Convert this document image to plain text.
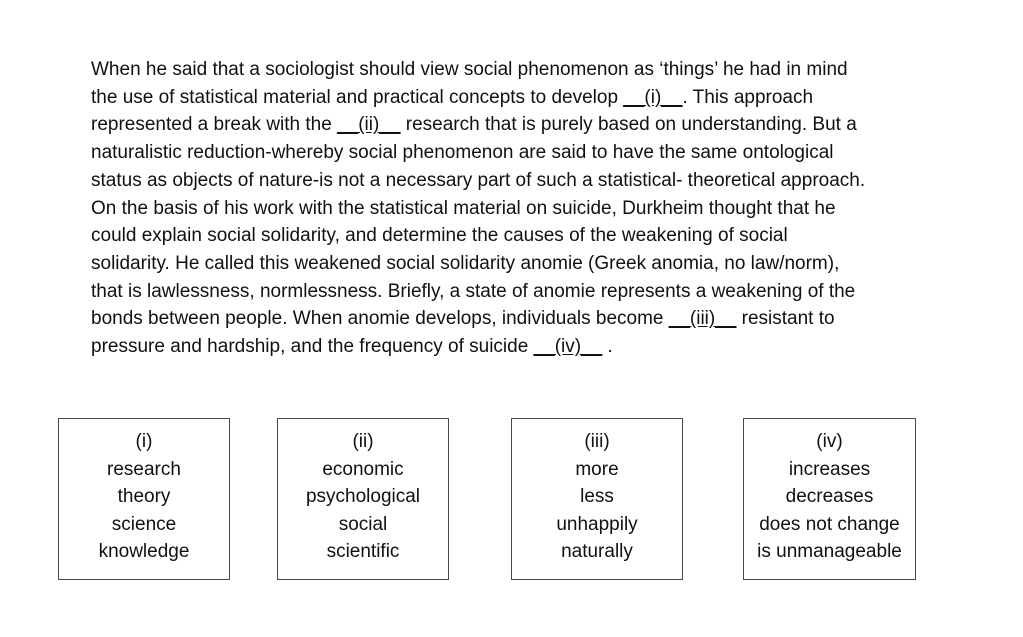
When he said that a sociologist should view social phenomenon as ‘things’ he had in mind
the use of statistical material and practical concepts to develop __(i)__. This approach
represented a break with the __(ii)__ research that is purely based on understanding. But a
naturalistic reduction-whereby social phenomenon are said to have the same ontological
status as objects of nature-is not a necessary part of such a statistical- theoretical approach.
On the basis of his work with the statistical material on suicide, Durkheim thought that he
could explain social solidarity, and determine the causes of the weakening of social
solidarity. He called this weakened social solidarity anomie (Greek anomia, no law/norm),
that is lawlessness, normlessness. Briefly, a state of anomie represents a weakening of the
bonds between people. When anomie develops, individuals become __(iii)__ resistant to
pressure and hardship, and the frequency of suicide __(iv)__ .
(i)
research
theory
science
knowledge
(ii)
economic
psychological
social
scientific
(iii)
more
less
unhappily
naturally
(iv)
increases
decreases
does not change
is unmanageable
